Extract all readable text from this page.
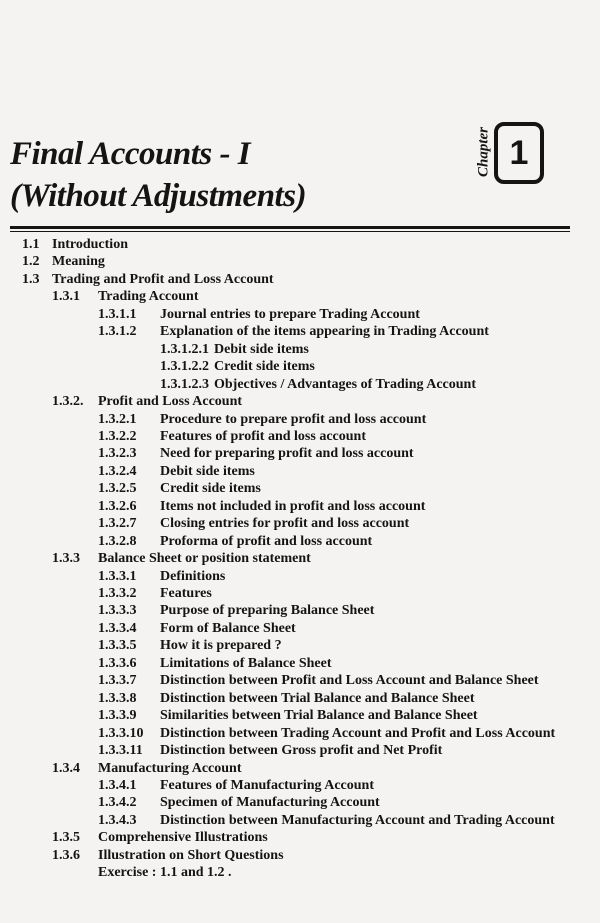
Final Accounts - I
(Without Adjustments)
Chapter 1
1.1 Introduction
1.2 Meaning
1.3 Trading and Profit and Loss Account
1.3.1 Trading Account
1.3.1.1 Journal entries to prepare Trading Account
1.3.1.2 Explanation of the items appearing in Trading Account
1.3.1.2.1 Debit side items
1.3.1.2.2 Credit side items
1.3.1.2.3 Objectives / Advantages of Trading Account
1.3.2. Profit and Loss Account
1.3.2.1 Procedure to prepare profit and loss account
1.3.2.2 Features of profit and loss account
1.3.2.3 Need for preparing profit and loss account
1.3.2.4 Debit side items
1.3.2.5 Credit side items
1.3.2.6 Items not included in profit and loss account
1.3.2.7 Closing entries for profit and loss account
1.3.2.8 Proforma of profit and loss account
1.3.3 Balance Sheet or position statement
1.3.3.1 Definitions
1.3.3.2 Features
1.3.3.3 Purpose of preparing Balance Sheet
1.3.3.4 Form of Balance Sheet
1.3.3.5 How it is prepared ?
1.3.3.6 Limitations of Balance Sheet
1.3.3.7 Distinction between Profit and Loss Account and Balance Sheet
1.3.3.8 Distinction between Trial Balance and Balance Sheet
1.3.3.9 Similarities between Trial Balance and Balance Sheet
1.3.3.10 Distinction between Trading Account and Profit and Loss Account
1.3.3.11 Distinction between Gross profit and Net Profit
1.3.4 Manufacturing Account
1.3.4.1 Features of Manufacturing Account
1.3.4.2 Specimen of Manufacturing Account
1.3.4.3 Distinction between Manufacturing Account and Trading Account
1.3.5 Comprehensive Illustrations
1.3.6 Illustration on Short Questions
Exercise : 1.1 and 1.2 .
